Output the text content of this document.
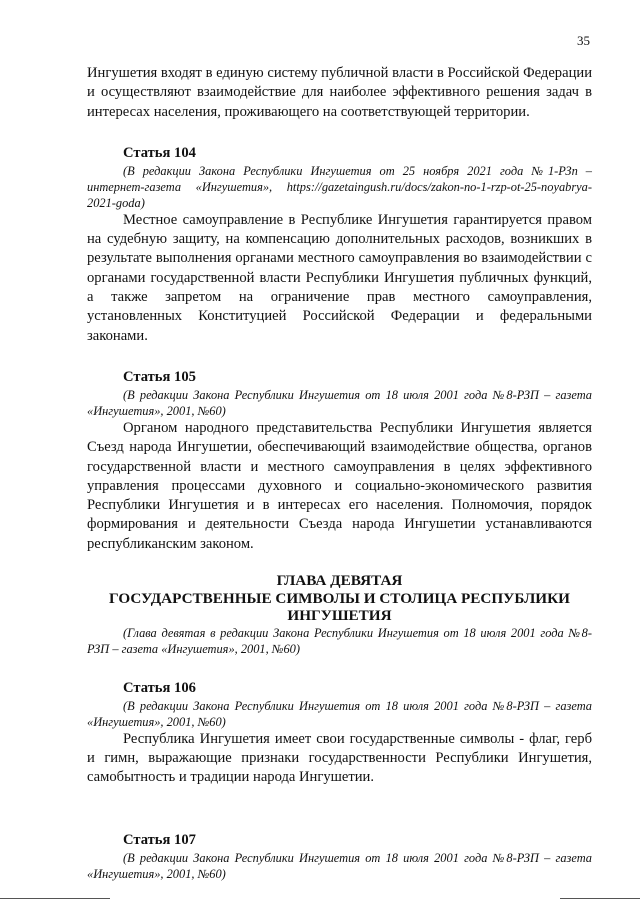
35

Ингушетия входят в единую систему публичной власти в Российской Федерации и осуществляют взаимодействие для наиболее эффективного решения задач в интересах населения, проживающего на соответствующей территории.

Статья 104
(В редакции Закона Республики Ингушетия от 25 ноября 2021 года №1-РЗп – интернет-газета «Ингушетия», https://gazetaingush.ru/docs/zakon-no-1-rzp-ot-25-noyabrya-2021-goda)

Местное самоуправление в Республике Ингушетия гарантируется правом на судебную защиту, на компенсацию дополнительных расходов, возникших в результате выполнения органами местного самоуправления во взаимодействии с органами государственной власти Республики Ингушетия публичных функций, а также запретом на ограничение прав местного самоуправления, установленных Конституцией Российской Федерации и федеральными законами.

Статья 105
(В редакции Закона Республики Ингушетия от 18 июля 2001 года №8-РЗП – газета «Ингушетия», 2001, №60)

Органом народного представительства Республики Ингушетия является Съезд народа Ингушетии, обеспечивающий взаимодействие общества, органов государственной власти и местного самоуправления в целях эффективного управления процессами духовного и социально-экономического развития Республики Ингушетия и в интересах его населения. Полномочия, порядок формирования и деятельности Съезда народа Ингушетии устанавливаются республиканским законом.

ГЛАВА ДЕВЯТАЯ
ГОСУДАРСТВЕННЫЕ СИМВОЛЫ И СТОЛИЦА РЕСПУБЛИКИ
ИНГУШЕТИЯ
(Глава девятая в редакции Закона Республики Ингушетия от 18 июля 2001 года №8-РЗП – газета «Ингушетия», 2001, №60)
Статья 106
(В редакции Закона Республики Ингушетия от 18 июля 2001 года №8-РЗП – газета «Ингушетия», 2001, №60)

Республика Ингушетия имеет свои государственные символы - флаг, герб и гимн, выражающие признаки государственности Республики Ингушетия, самобытность и традиции народа Ингушетии.

Статья 107
(В редакции Закона Республики Ингушетия от 18 июля 2001 года №8-РЗП – газета «Ингушетия», 2001, №60)
